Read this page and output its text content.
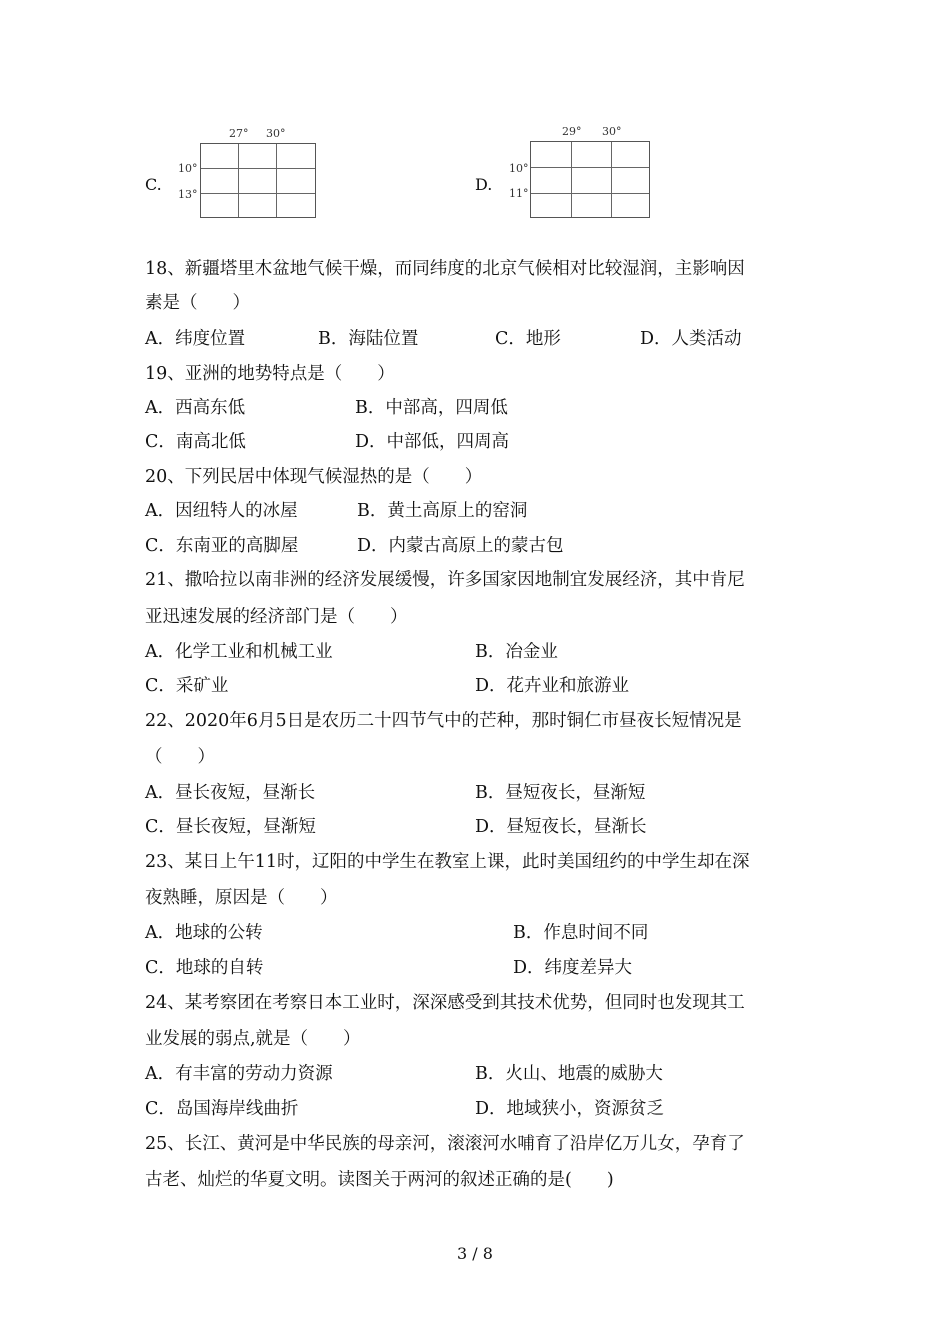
C.
27° 30°
10°
13°
D.
29° 30°
10°
11°
18、新疆塔里木盆地气候干燥，而同纬度的北京气候相对比较湿润，主影响因
素是（　　）
A．纬度位置	B．海陆位置	C．地形	D．人类活动
19、亚洲的地势特点是（　　）
A．西高东低	B．中部高，四周低
C．南高北低	D．中部低，四周高
20、下列民居中体现气候湿热的是（　　）
A．因纽特人的冰屋	B．黄土高原上的窑洞
C．东南亚的高脚屋	D．内蒙古高原上的蒙古包
21、撒哈拉以南非洲的经济发展缓慢，许多国家因地制宜发展经济，其中肯尼
亚迅速发展的经济部门是（　　）
A．化学工业和机械工业	B．冶金业
C．采矿业	D．花卉业和旅游业
22、2020年6月5日是农历二十四节气中的芒种，那时铜仁市昼夜长短情况是
（　　）
A．昼长夜短，昼渐长	B．昼短夜长，昼渐短
C．昼长夜短，昼渐短	D．昼短夜长，昼渐长
23、某日上午11时，辽阳的中学生在教室上课，此时美国纽约的中学生却在深
夜熟睡，原因是（　　）
A．地球的公转	B．作息时间不同
C．地球的自转	D．纬度差异大
24、某考察团在考察日本工业时，深深感受到其技术优势，但同时也发现其工
业发展的弱点,就是（　　）
A．有丰富的劳动力资源	B．火山、地震的威胁大
C．岛国海岸线曲折	D．地域狭小，资源贫乏
25、长江、黄河是中华民族的母亲河，滚滚河水哺育了沿岸亿万儿女，孕育了
古老、灿烂的华夏文明。读图关于两河的叙述正确的是(　　)
3 / 8
